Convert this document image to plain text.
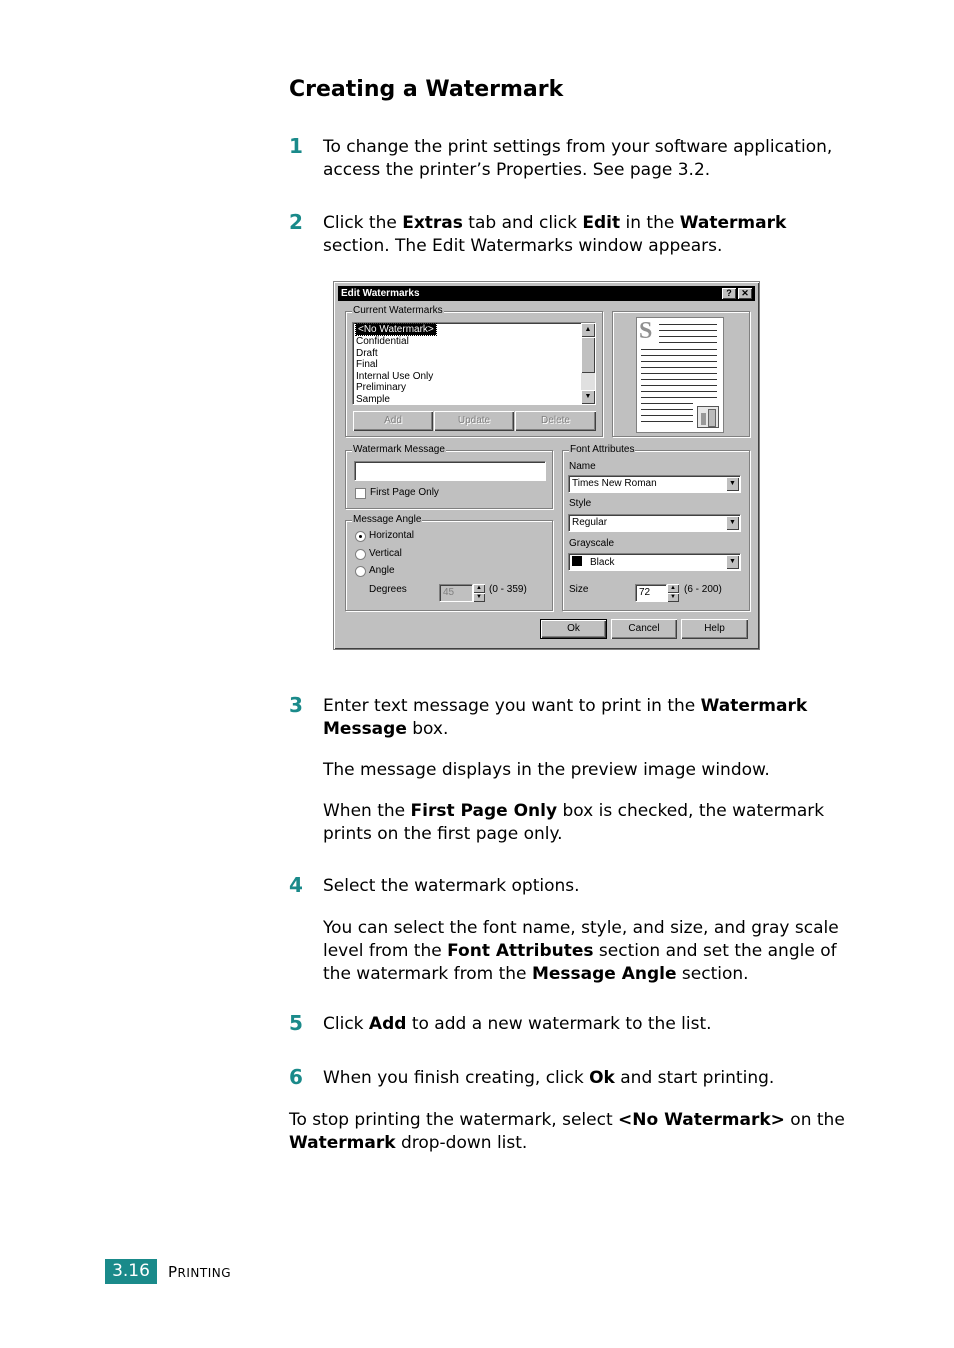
Creating a Watermark
1 To change the print settings from your software application, access the printer’s Properties. See page 3.2.

2 Click the Extras tab and click Edit in the Watermark section. The Edit Watermarks window appears.

Edit Watermarks	?	✕
Current Watermarks
<No Watermark>
Confidential
Draft
Final
Internal Use Only
Preliminary
Sample
▲
▼
Add	Update	Delete
S
Watermark Message
First Page Only
Message Angle
Horizontal
Vertical
Angle
Degrees	45	▲
▼
(0 - 359)
Font Attributes
Name
Times New Roman	▼
Style
Regular	▼
Grayscale
Black	▼
Size	72	▲
▼
(6 - 200)
Ok	Cancel	Help
3 Enter text message you want to print in the Watermark Message box.

The message displays in the preview image window.

When the First Page Only box is checked, the watermark prints on the first page only.

4 Select the watermark options.

You can select the font name, style, and size, and gray scale level from the Font Attributes section and set the angle of the watermark from the Message Angle section.

5 Click Add to add a new watermark to the list.

6 When you finish creating, click Ok and start printing.

To stop printing the watermark, select <No Watermark> on the Watermark drop-down list.

3.16	PRINTING
